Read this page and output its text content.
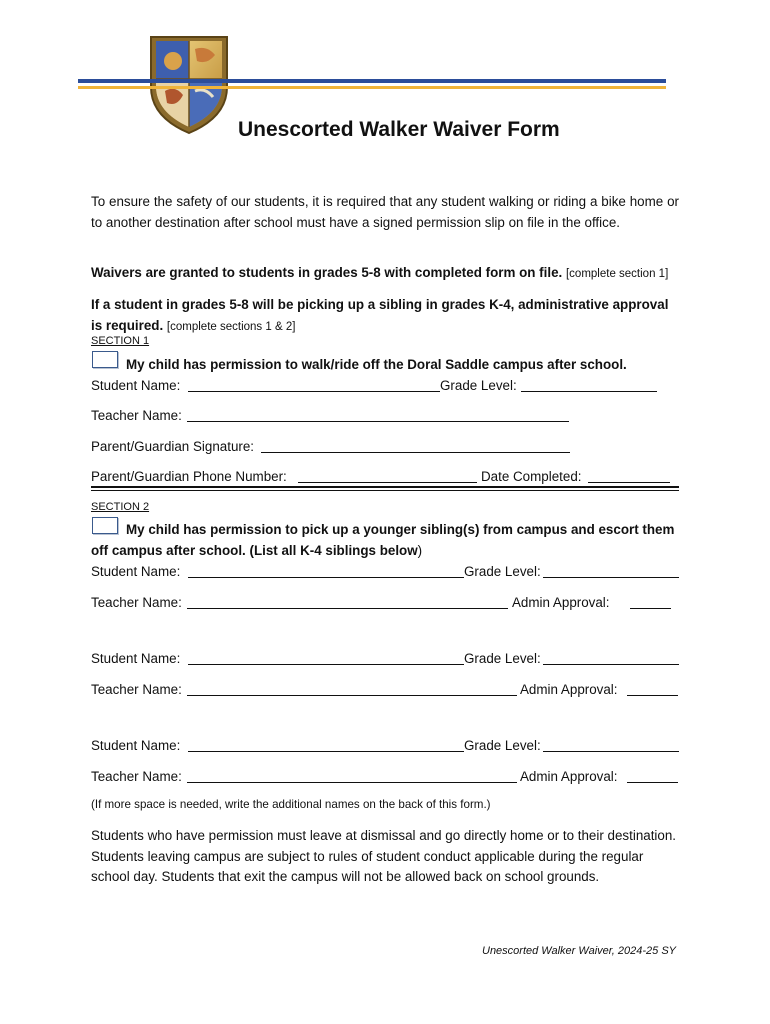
Unescorted Walker Waiver Form
To ensure the safety of our students, it is required that any student walking or riding a bike home or to another destination after school must have a signed permission slip on file in the office.
Waivers are granted to students in grades 5-8 with completed form on file. [complete section 1]
If a student in grades 5-8 will be picking up a sibling in grades K-4, administrative approval is required. [complete sections 1 & 2]
SECTION 1
My child has permission to walk/ride off the Doral Saddle campus after school.
Student Name:	Grade Level:
Teacher Name:
Parent/Guardian Signature:
Parent/Guardian Phone Number:	Date Completed:
SECTION 2
My child has permission to pick up a younger sibling(s) from campus and escort them
off campus after school. (List all K-4 siblings below)
Student Name:	Grade Level:
Teacher Name:	Admin Approval:
Student Name:	Grade Level:
Teacher Name:	Admin Approval:
Student Name:	Grade Level:
Teacher Name:	Admin Approval:
(If more space is needed, write the additional names on the back of this form.)
Students who have permission must leave at dismissal and go directly home or to their destination. Students leaving campus are subject to rules of student conduct applicable during the regular school day. Students that exit the campus will not be allowed back on school grounds.
Unescorted Walker Waiver, 2024-25 SY
